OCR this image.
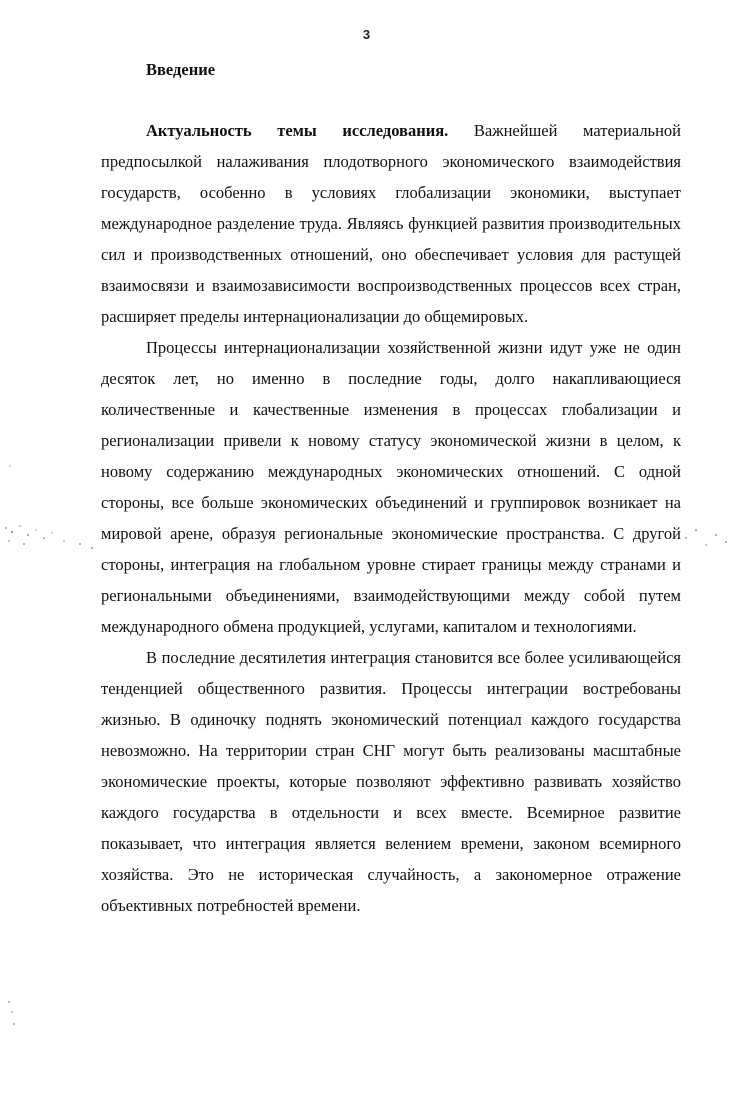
3
Введение

Актуальность темы исследования. Важнейшей материальной предпосылкой налаживания плодотворного экономического взаимодействия государств, особенно в условиях глобализации экономики, выступает международное разделение труда. Являясь функцией развития производительных сил и производственных отношений, оно обеспечивает условия для растущей взаимосвязи и взаимозависимости воспроизводственных процессов всех стран, расширяет пределы интернационализации до общемировых.

Процессы интернационализации хозяйственной жизни идут уже не один десяток лет, но именно в последние годы, долго накапливающиеся количественные и качественные изменения в процессах глобализации и регионализации привели к новому статусу экономической жизни в целом, к новому содержанию международных экономических отношений. С одной стороны, все больше экономических объединений и группировок возникает на мировой арене, образуя региональные экономические пространства. С другой стороны, интеграция на глобальном уровне стирает границы между странами и региональными объединениями, взаимодействующими между собой путем международного обмена продукцией, услугами, капиталом и технологиями.

В последние десятилетия интеграция становится все более усиливающейся тенденцией общественного развития. Процессы интеграции востребованы жизнью. В одиночку поднять экономический потенциал каждого государства невозможно. На территории стран СНГ могут быть реализованы масштабные экономические проекты, которые позволяют эффективно развивать хозяйство каждого государства в отдельности и всех вместе. Всемирное развитие показывает, что интеграция является велением времени, законом всемирного хозяйства. Это не историческая случайность, а закономерное отражение объективных потребностей времени.
